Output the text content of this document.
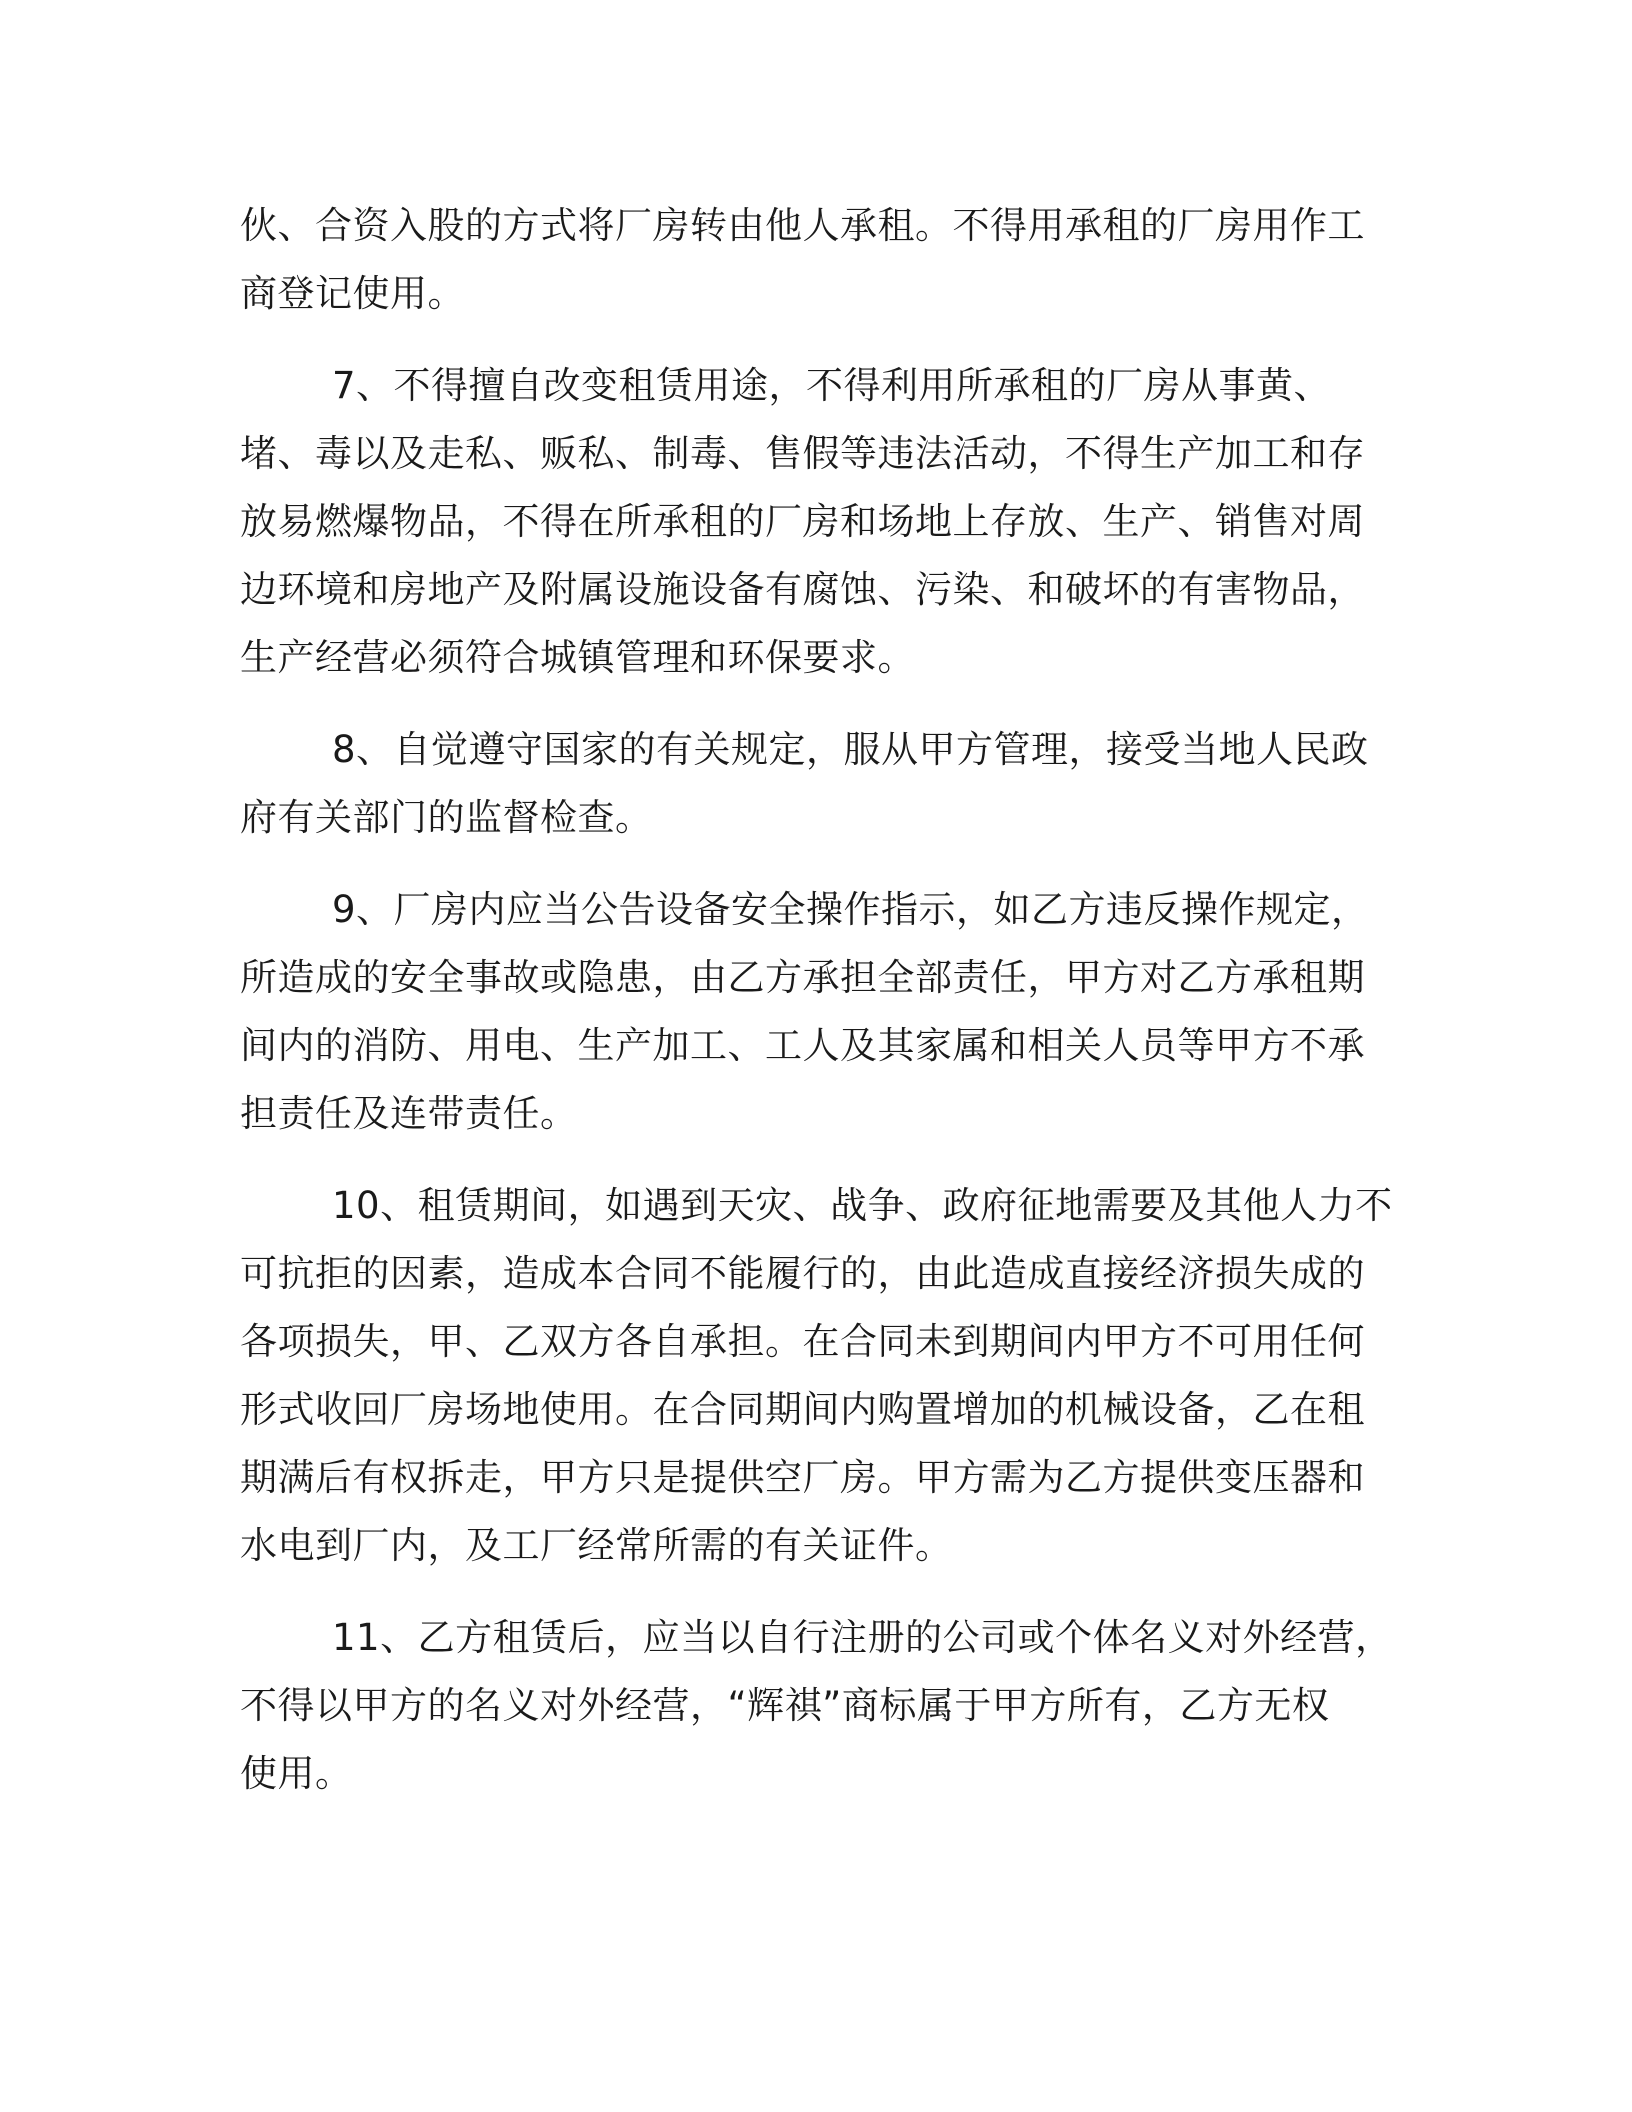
伙、合资入股的方式将厂房转由他人承租。不得用承租的厂房用作工
商登记使用。
7、不得擅自改变租赁用途，不得利用所承租的厂房从事黄、
堵、毒以及走私、贩私、制毒、售假等违法活动，不得生产加工和存
放易燃爆物品，不得在所承租的厂房和场地上存放、生产、销售对周
边环境和房地产及附属设施设备有腐蚀、污染、和破坏的有害物品，
生产经营必须符合城镇管理和环保要求。
8、自觉遵守国家的有关规定，服从甲方管理，接受当地人民政
府有关部门的监督检查。
9、厂房内应当公告设备安全操作指示，如乙方违反操作规定，
所造成的安全事故或隐患，由乙方承担全部责任，甲方对乙方承租期
间内的消防、用电、生产加工、工人及其家属和相关人员等甲方不承
担责任及连带责任。
10、租赁期间，如遇到天灾、战争、政府征地需要及其他人力不
可抗拒的因素，造成本合同不能履行的，由此造成直接经济损失成的
各项损失，甲、乙双方各自承担。在合同未到期间内甲方不可用任何
形式收回厂房场地使用。在合同期间内购置增加的机械设备，乙在租
期满后有权拆走，甲方只是提供空厂房。甲方需为乙方提供变压器和
水电到厂内，及工厂经常所需的有关证件。
11、乙方租赁后，应当以自行注册的公司或个体名义对外经营，
不得以甲方的名义对外经营，“辉祺”商标属于甲方所有，乙方无权
使用。
